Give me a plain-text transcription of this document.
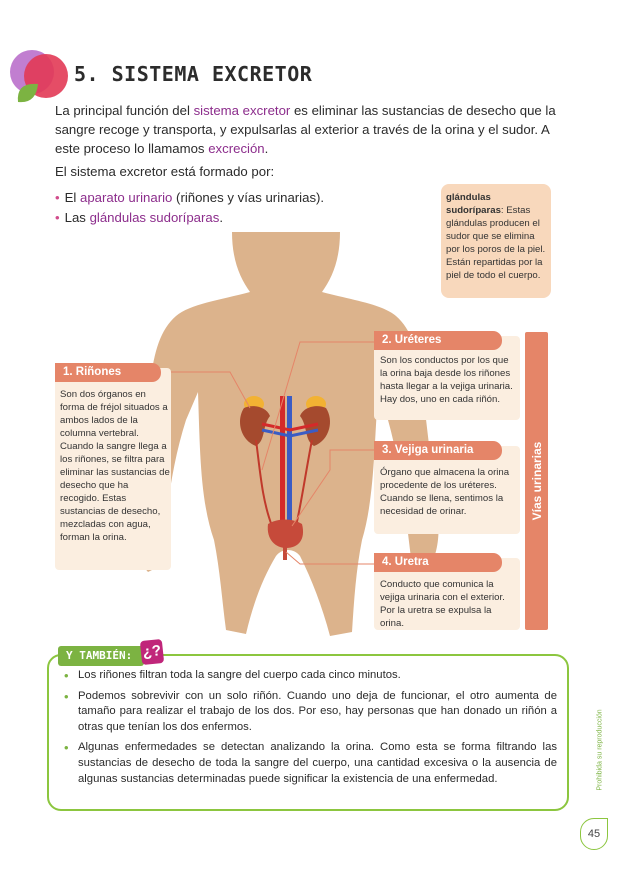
5. SISTEMA EXCRETOR

La principal función del sistema excretor es eliminar las sustancias de desecho que la sangre recoge y transporta, y expulsarlas al exterior a través de la orina y el sudor. A este proceso lo llamamos excreción.

El sistema excretor está formado por:

• El aparato urinario (riñones y vías urinarias).
• Las glándulas sudoríparas.
glándulas sudoríparas: Estas glándulas producen el sudor que se elimina por los poros de la piel. Están repartidas por la piel de todo el cuerpo.
1. Riñones
Son dos órganos en forma de fréjol situados a ambos lados de la columna vertebral. Cuando la sangre llega a los riñones, se filtra para eliminar las sustancias de desecho que ha recogido. Estas sustancias de desecho, mezcladas con agua, forman la orina.
2. Uréteres
Son los conductos por los que la orina baja desde los riñones hasta llegar a la vejiga urinaria. Hay dos, uno en cada riñón.
3. Vejiga urinaria
Órgano que almacena la orina procedente de los uréteres. Cuando se llena, sentimos la necesidad de orinar.
4. Uretra
Conducto que comunica la vejiga urinaria con el exterior. Por la uretra se expulsa la orina.
Vías urinarias
Y TAMBIÉN: ¿?
• Los riñones filtran toda la sangre del cuerpo cada cinco minutos.
• Podemos sobrevivir con un solo riñón. Cuando uno deja de funcionar, el otro aumenta de tamaño para realizar el trabajo de los dos. Por eso, hay personas que han donado un riñón a otras que tenían los dos enfermos.
• Algunas enfermedades se detectan analizando la orina. Como esta se forma filtrando las sustancias de desecho de toda la sangre del cuerpo, una cantidad excesiva o la ausencia de algunas sustancias determinadas puede significar la existencia de una enfermedad.	Prohibida su reproducción
45
